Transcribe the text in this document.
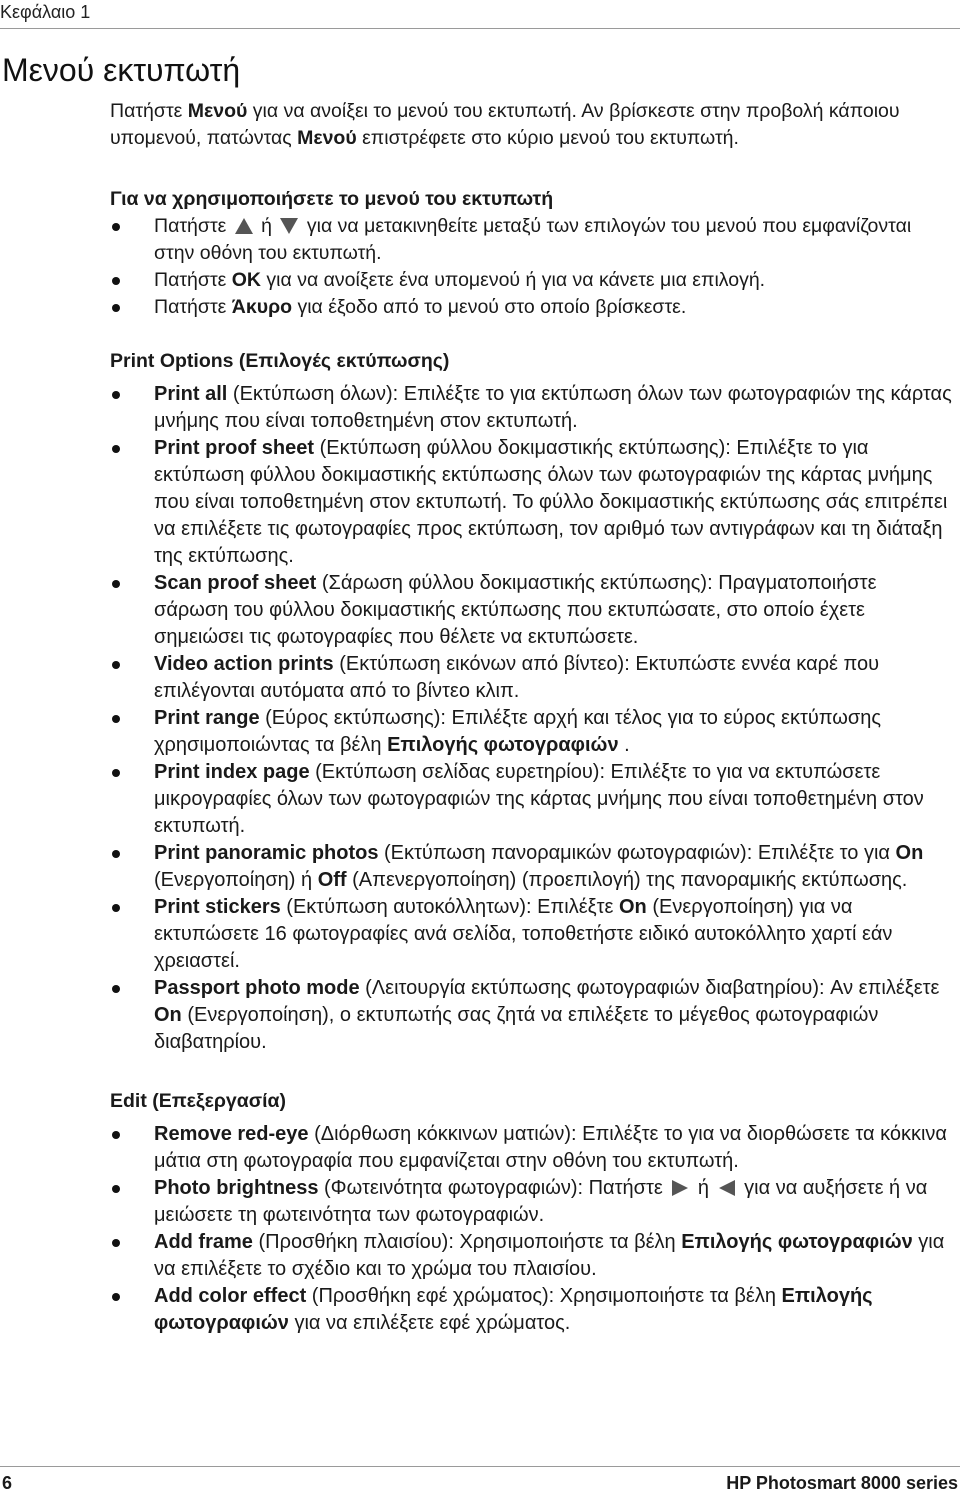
Κεφάλαιο 1
Μενού εκτυπωτή

Πατήστε Μενού για να ανοίξει το μενού του εκτυπωτή. Αν βρίσκεστε στην προβολή κάποιου υπομενού, πατώντας Μενού επιστρέφετε στο κύριο μενού του εκτυπωτή.

Για να χρησιμοποιήσετε το μενού του εκτυπωτή
Πατήστε  ή  για να μετακινηθείτε μεταξύ των επιλογών του μενού που εμφανίζονται στην οθόνη του εκτυπωτή.
Πατήστε OK για να ανοίξετε ένα υπομενού ή για να κάνετε μια επιλογή.
Πατήστε Άκυρο για έξοδο από το μενού στο οποίο βρίσκεστε.
Print Options (Επιλογές εκτύπωσης)
Print all (Εκτύπωση όλων): Επιλέξτε το για εκτύπωση όλων των φωτογραφιών της κάρτας μνήμης που είναι τοποθετημένη στον εκτυπωτή.
Print proof sheet (Εκτύπωση φύλλου δοκιμαστικής εκτύπωσης): Επιλέξτε το για εκτύπωση φύλλου δοκιμαστικής εκτύπωσης όλων των φωτογραφιών της κάρτας μνήμης που είναι τοποθετημένη στον εκτυπωτή. Το φύλλο δοκιμαστικής εκτύπωσης σάς επιτρέπει να επιλέξετε τις φωτογραφίες προς εκτύπωση, τον αριθμό των αντιγράφων και τη διάταξη της εκτύπωσης.
Scan proof sheet (Σάρωση φύλλου δοκιμαστικής εκτύπωσης): Πραγματοποιήστε σάρωση του φύλλου δοκιμαστικής εκτύπωσης που εκτυπώσατε, στο οποίο έχετε σημειώσει τις φωτογραφίες που θέλετε να εκτυπώσετε.
Video action prints (Εκτύπωση εικόνων από βίντεο): Εκτυπώστε εννέα καρέ που επιλέγονται αυτόματα από το βίντεο κλιπ.
Print range (Εύρος εκτύπωσης): Επιλέξτε αρχή και τέλος για το εύρος εκτύπωσης χρησιμοποιώντας τα βέλη Επιλογής φωτογραφιών .
Print index page (Εκτύπωση σελίδας ευρετηρίου): Επιλέξτε το για να εκτυπώσετε μικρογραφίες όλων των φωτογραφιών της κάρτας μνήμης που είναι τοποθετημένη στον εκτυπωτή.
Print panoramic photos (Εκτύπωση πανοραμικών φωτογραφιών): Επιλέξτε το για On (Ενεργοποίηση) ή Off (Απενεργοποίηση) (προεπιλογή) της πανοραμικής εκτύπωσης.
Print stickers (Εκτύπωση αυτοκόλλητων): Επιλέξτε On (Ενεργοποίηση) για να εκτυπώσετε 16 φωτογραφίες ανά σελίδα, τοποθετήστε ειδικό αυτοκόλλητο χαρτί εάν χρειαστεί.
Passport photo mode (Λειτουργία εκτύπωσης φωτογραφιών διαβατηρίου): Αν επιλέξετε On (Ενεργοποίηση), ο εκτυπωτής σας ζητά να επιλέξετε το μέγεθος φωτογραφιών διαβατηρίου.
Edit (Επεξεργασία)
Remove red-eye (Διόρθωση κόκκινων ματιών): Επιλέξτε το για να διορθώσετε τα κόκκινα μάτια στη φωτογραφία που εμφανίζεται στην οθόνη του εκτυπωτή.
Photo brightness (Φωτεινότητα φωτογραφιών): Πατήστε  ή  για να αυξήσετε ή να μειώσετε τη φωτεινότητα των φωτογραφιών.
Add frame (Προσθήκη πλαισίου): Χρησιμοποιήστε τα βέλη Επιλογής φωτογραφιών για να επιλέξετε το σχέδιο και το χρώμα του πλαισίου.
Add color effect (Προσθήκη εφέ χρώματος): Χρησιμοποιήστε τα βέλη Επιλογής φωτογραφιών για να επιλέξετε εφέ χρώματος.
6	HP Photosmart 8000 series
